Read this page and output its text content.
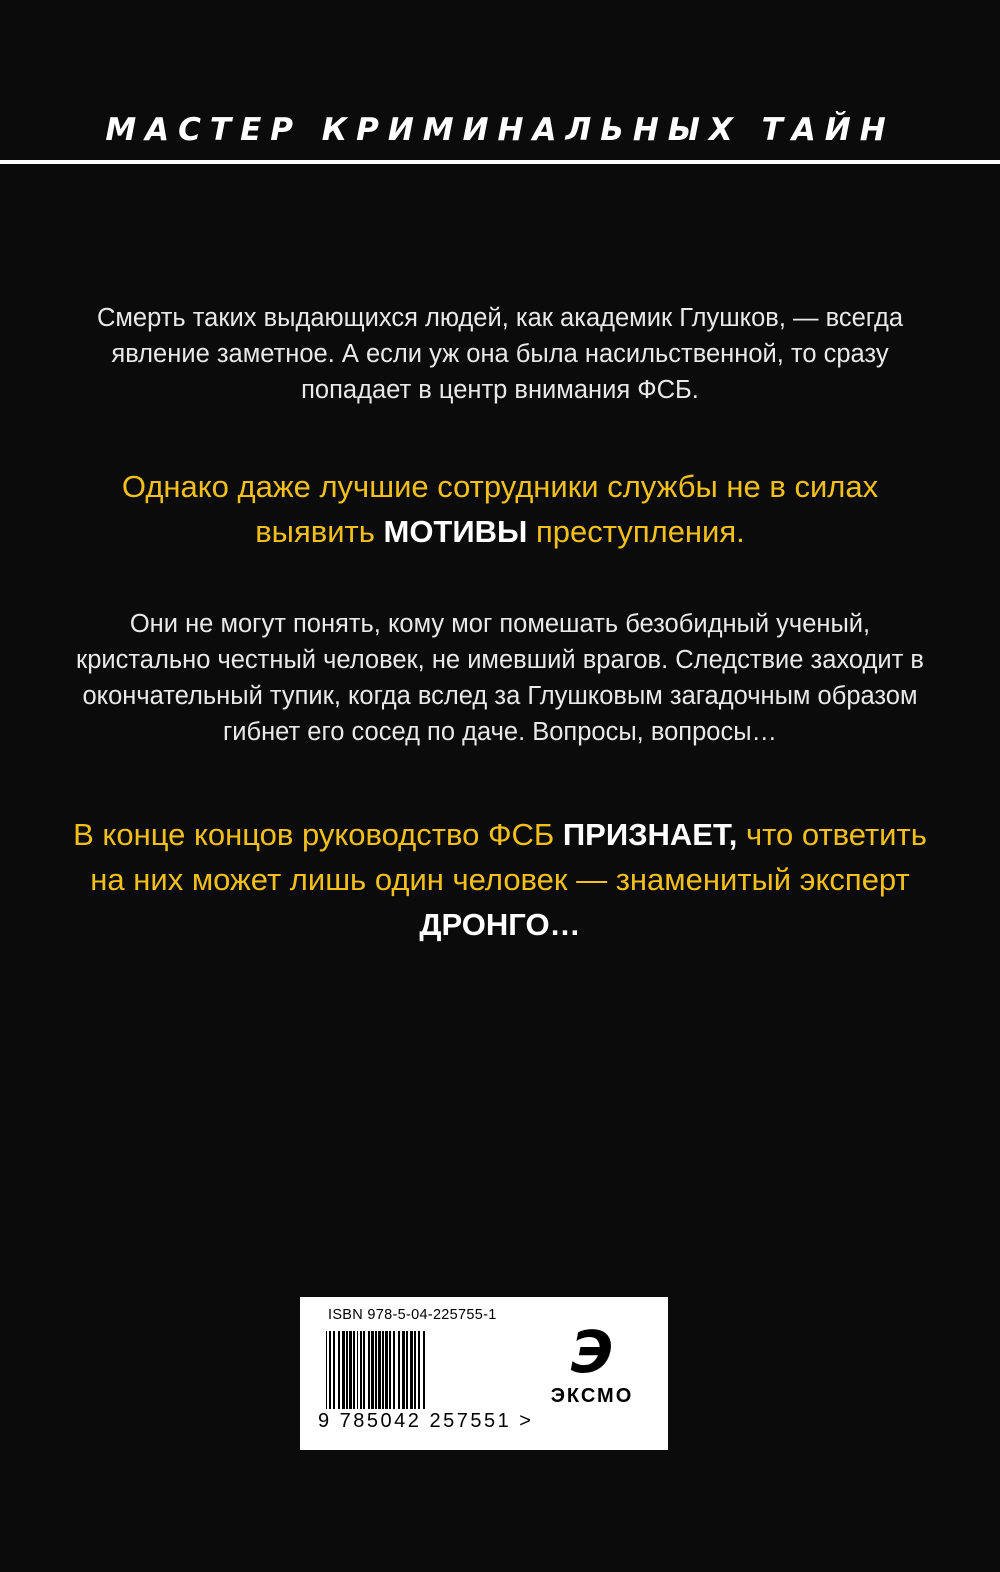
МАСТЕР КРИМИНАЛЬНЫХ ТАЙН

Смерть таких выдающихся людей, как академик Глушков, — всегда явление заметное. А если уж она была насильственной, то сразу попадает в центр внимания ФСБ.

Однако даже лучшие сотрудники службы не в силах выявить МОТИВЫ преступления.

Они не могут понять, кому мог помешать безобидный ученый, кристально честный человек, не имевший врагов. Следствие заходит в окончательный тупик, когда вслед за Глушковым загадочным образом гибнет его сосед по даче. Вопросы, вопросы…

В конце концов руководство ФСБ ПРИЗНАЕТ, что ответить на них может лишь один человек — знаменитый эксперт ДРОНГО…

ISBN 978-5-04-225755-1
9 785042 257551 >
Э
ЭКСМО
